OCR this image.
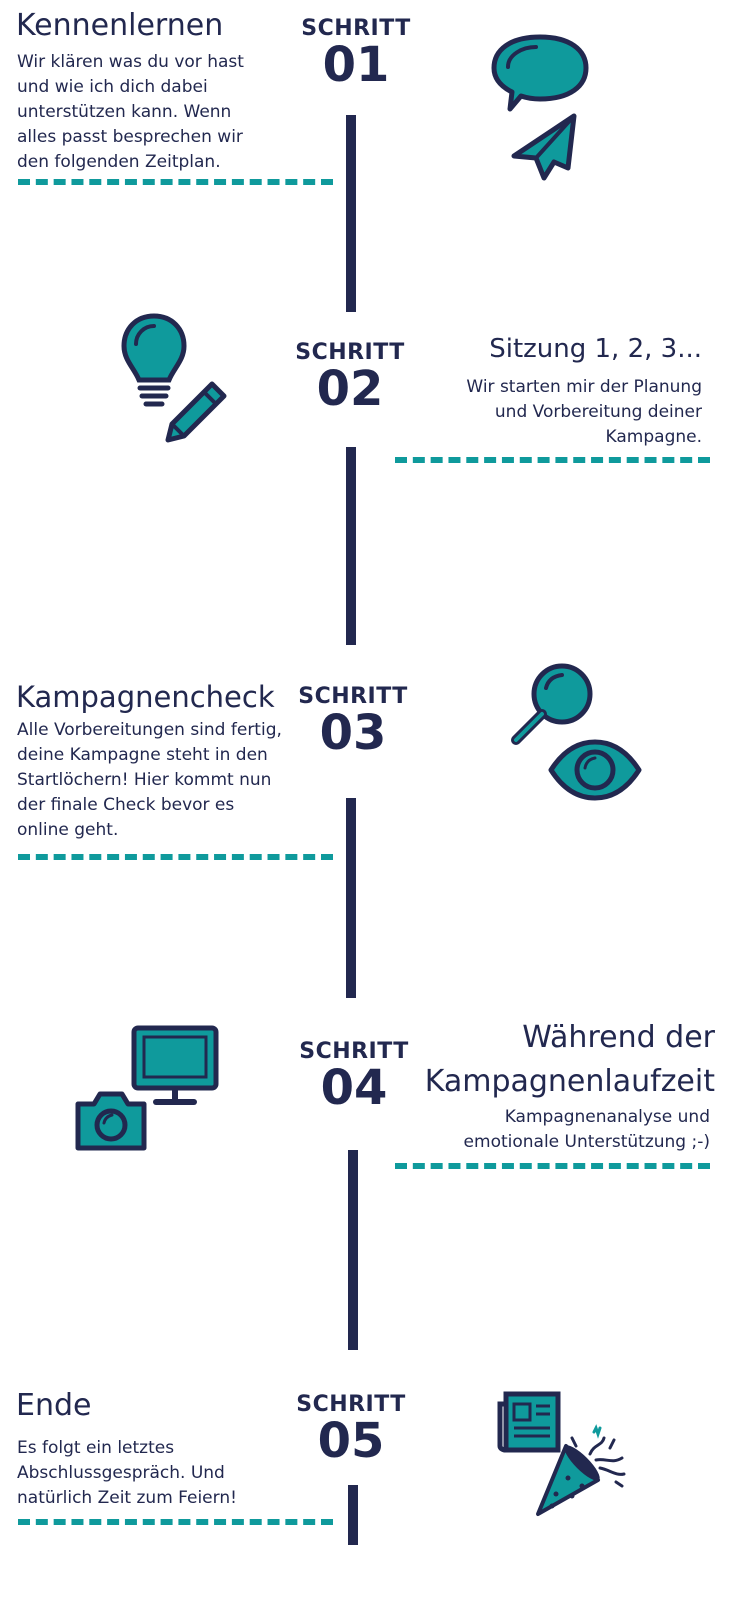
Kennenlernen
Wir klären was du vor hast und wie ich dich dabei unterstützen kann. Wenn alles passt besprechen wir den folgenden Zeitplan.
SCHRITT
01
SCHRITT
02
Sitzung 1, 2, 3...
Wir starten mir der Planung und Vorbereitung deiner Kampagne.
Kampagnencheck
Alle Vorbereitungen sind fertig, deine Kampagne steht in den Startlöchern! Hier kommt nun der finale Check bevor es online geht.
SCHRITT
03
SCHRITT
04
Während der Kampagnenlaufzeit
Kampagnenanalyse und emotionale Unterstützung ;-)
Ende
Es folgt ein letztes Abschlussgespräch. Und natürlich Zeit zum Feiern!
SCHRITT
05
